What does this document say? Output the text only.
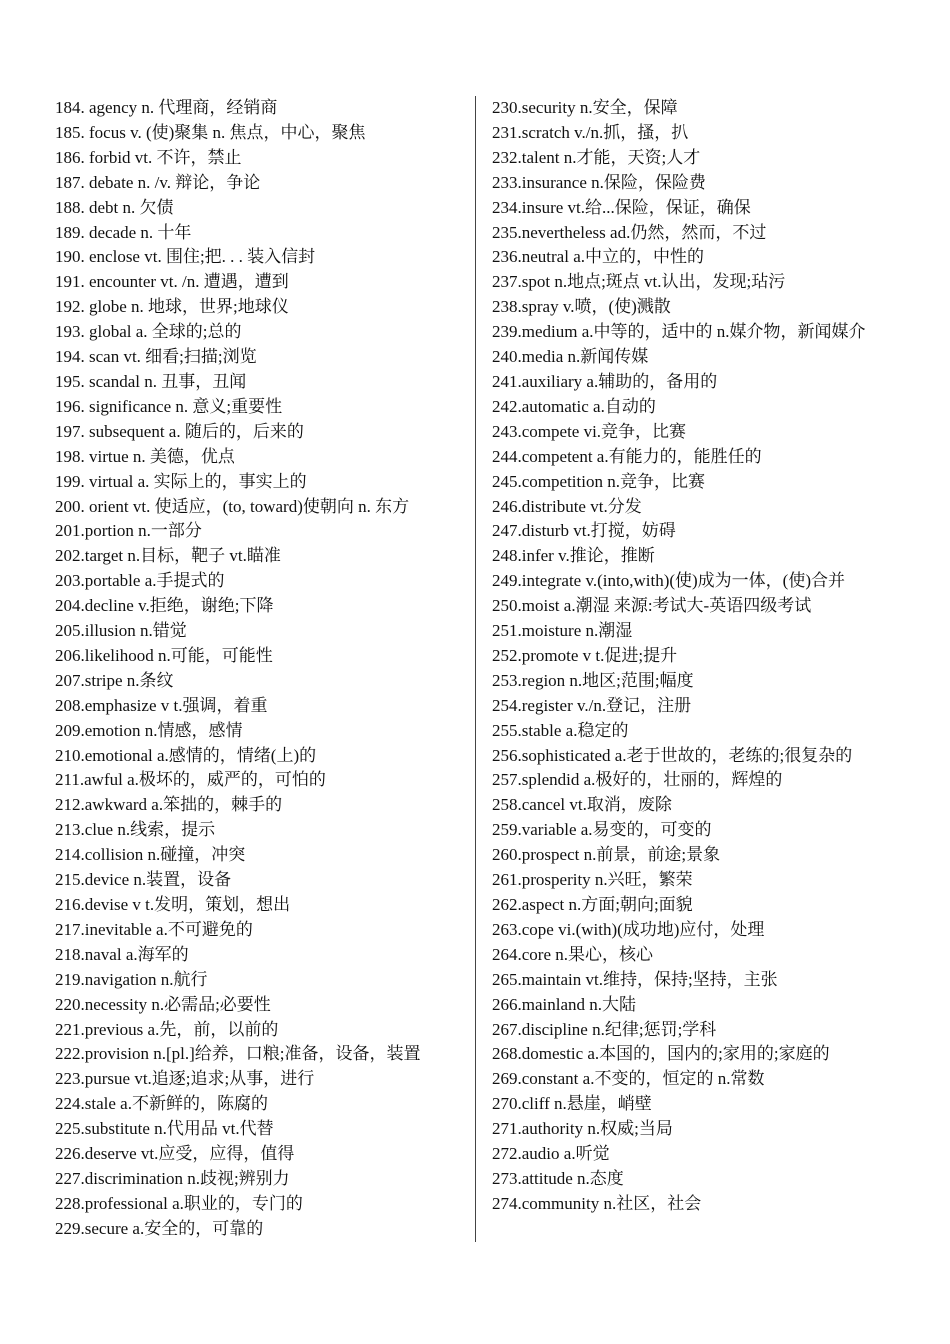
184. agency n. 代理商，经销商
185. focus v. (使)聚集 n. 焦点，中心，聚焦
186. forbid vt. 不许，禁止
187. debate n. /v. 辩论，争论
188. debt n. 欠债
189. decade n. 十年
190. enclose vt. 围住;把. . . 装入信封
191. encounter vt. /n. 遭遇，遭到
192. globe n. 地球，世界;地球仪
193. global a. 全球的;总的
194. scan vt. 细看;扫描;浏览
195. scandal n. 丑事，丑闻
196. significance n. 意义;重要性
197. subsequent a. 随后的，后来的
198. virtue n. 美德，优点
199. virtual a. 实际上的，事实上的
200. orient vt. 使适应，(to, toward)使朝向 n. 东方
201.portion n.一部分
202.target n.目标，靶子 vt.瞄准
203.portable a.手提式的
204.decline v.拒绝，谢绝;下降
205.illusion n.错觉
206.likelihood n.可能，可能性
207.stripe n.条纹
208.emphasize v t.强调，着重
209.emotion n.情感，感情
210.emotional a.感情的，情绪(上)的
211.awful a.极坏的，威严的，可怕的
212.awkward a.笨拙的，棘手的
213.clue n.线索，提示
214.collision n.碰撞，冲突
215.device n.装置，设备
216.devise v t.发明，策划，想出
217.inevitable a.不可避免的
218.naval a.海军的
219.navigation n.航行
220.necessity n.必需品;必要性
221.previous a.先，前，以前的
222.provision n.[pl.]给养，口粮;准备，设备，装置
223.pursue vt.追逐;追求;从事，进行
224.stale a.不新鲜的，陈腐的
225.substitute n.代用品 vt.代替
226.deserve vt.应受，应得，值得
227.discrimination n.歧视;辨别力
228.professional a.职业的，专门的
229.secure a.安全的，可靠的
230.security n.安全，保障
231.scratch v./n.抓，搔，扒
232.talent n.才能，天资;人才
233.insurance n.保险，保险费
234.insure vt.给...保险，保证，确保
235.nevertheless ad.仍然，然而，不过
236.neutral a.中立的，中性的
237.spot n.地点;斑点 vt.认出，发现;玷污
238.spray v.喷，(使)溅散
239.medium a.中等的，适中的 n.媒介物，新闻媒介
240.media n.新闻传媒
241.auxiliary a.辅助的，备用的
242.automatic a.自动的
243.compete vi.竞争，比赛
244.competent a.有能力的，能胜任的
245.competition n.竞争，比赛
246.distribute vt.分发
247.disturb vt.打搅，妨碍
248.infer v.推论，推断
249.integrate v.(into,with)(使)成为一体，(使)合并
250.moist a.潮湿 来源:考试大-英语四级考试
251.moisture n.潮湿
252.promote v t.促进;提升
253.region n.地区;范围;幅度
254.register v./n.登记，注册
255.stable a.稳定的
256.sophisticated a.老于世故的，老练的;很复杂的
257.splendid a.极好的，壮丽的，辉煌的
258.cancel vt.取消，废除
259.variable a.易变的，可变的
260.prospect n.前景，前途;景象
261.prosperity n.兴旺，繁荣
262.aspect n.方面;朝向;面貌
263.cope vi.(with)(成功地)应付，处理
264.core n.果心，核心
265.maintain vt.维持，保持;坚持，主张
266.mainland n.大陆
267.discipline n.纪律;惩罚;学科
268.domestic a.本国的，国内的;家用的;家庭的
269.constant a.不变的，恒定的 n.常数
270.cliff n.悬崖，峭壁
271.authority n.权威;当局
272.audio a.听觉
273.attitude n.态度
274.community n.社区，社会
